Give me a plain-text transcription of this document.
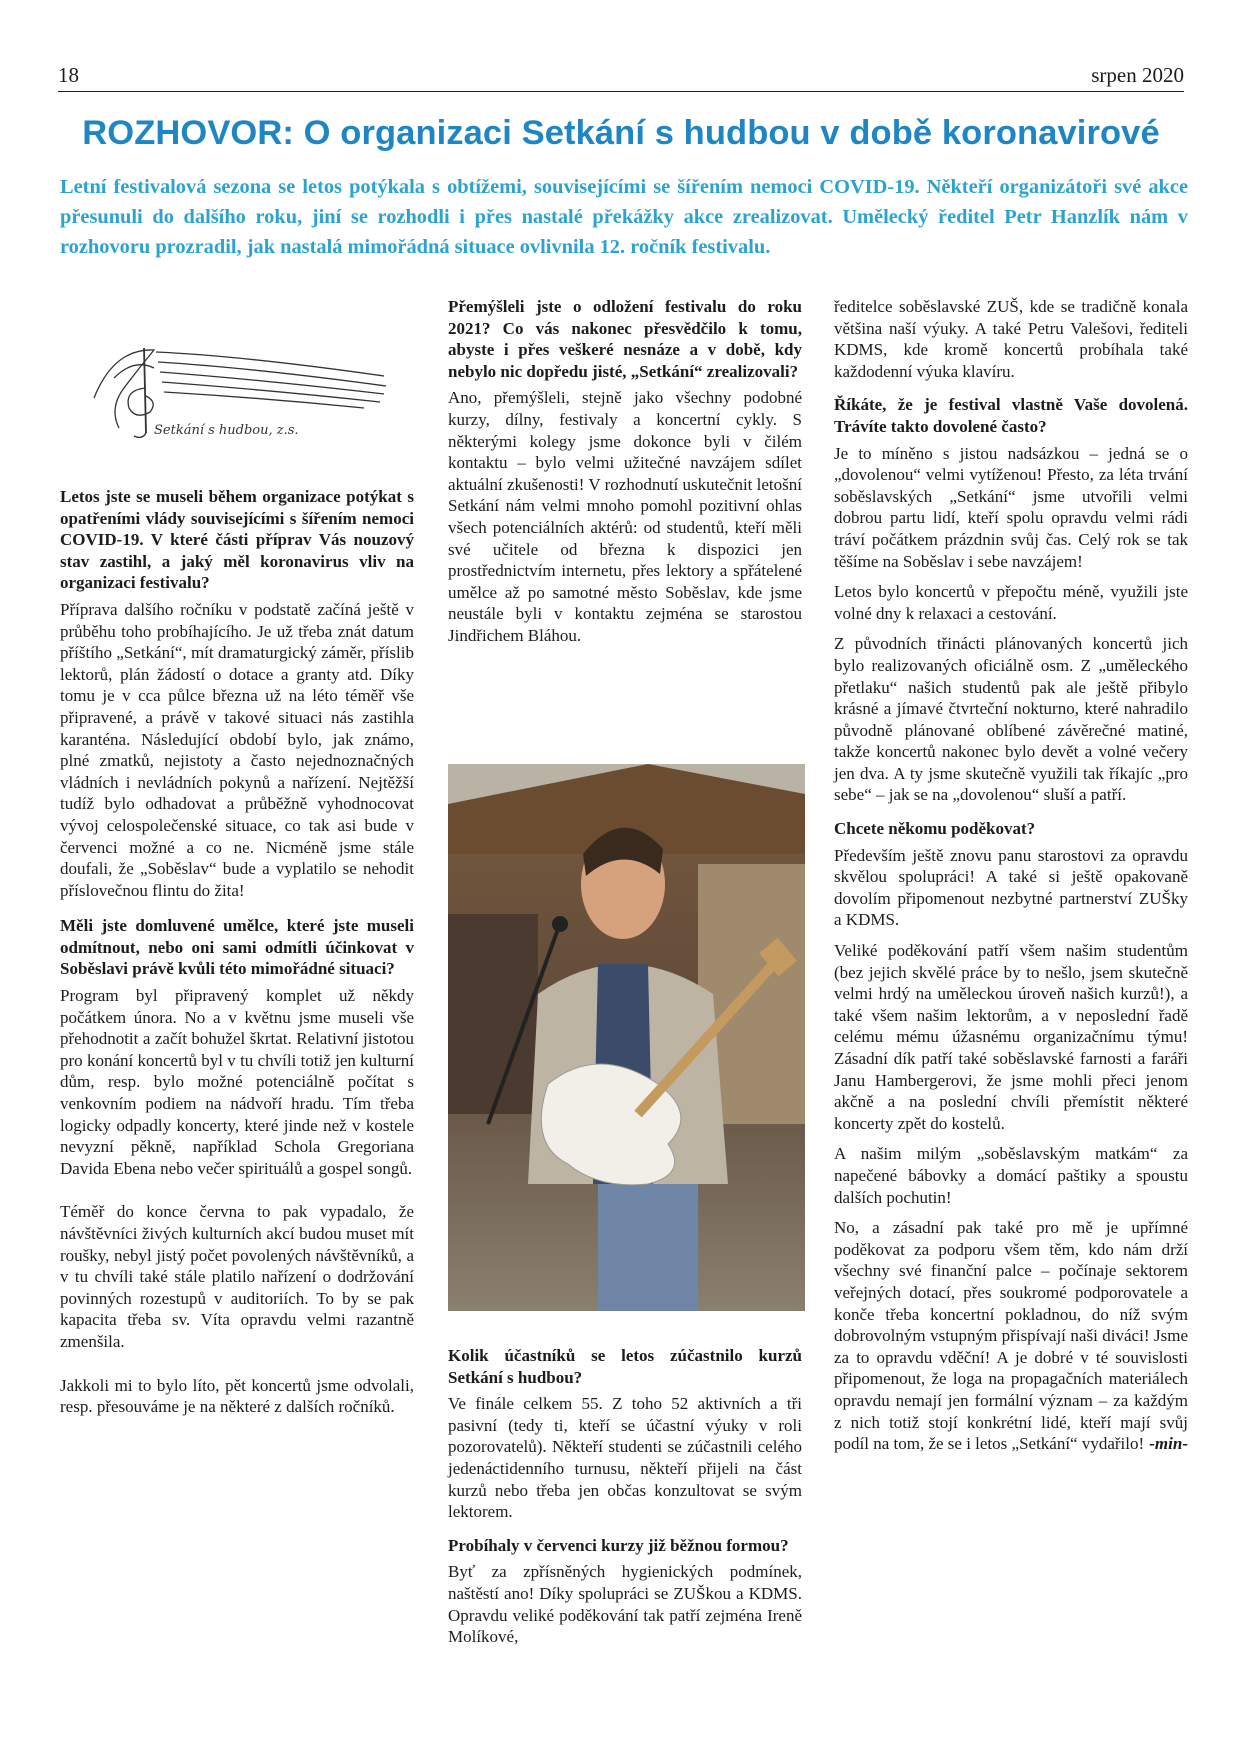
18	srpen 2020
ROZHOVOR: O organizaci Setkání s hudbou v době koronavirové
Letní festivalová sezona se letos potýkala s obtížemi, souvisejícími se šířením nemoci COVID-19. Někteří organizátoři své akce přesunuli do dalšího roku, jiní se rozhodli i přes nastalé překážky akce zrealizovat. Umělecký ředitel Petr Hanzlík nám v rozhovoru prozradil, jak nastalá mimořádná situace ovlivnila 12. ročník festivalu.
Setkání s hudbou, z.s.
Letos jste se museli během organizace potýkat s opatřeními vlády souvisejícími s šířením nemoci COVID-19. V které části příprav Vás nouzový stav zastihl, a jaký měl koronavirus vliv na organizaci festivalu?

Příprava dalšího ročníku v podstatě začíná ještě v průběhu toho probíhajícího. Je už třeba znát datum příštího „Setkání“, mít dramaturgický záměr, příslib lektorů, plán žádostí o dotace a granty atd. Díky tomu je v cca půlce března už na léto téměř vše připravené, a právě v takové situaci nás zastihla karanténa. Následující období bylo, jak známo, plné zmatků, nejistoty a často nejednoznačných vládních i nevládních pokynů a nařízení. Nejtěžší tudíž bylo odhadovat a průběžně vyhodnocovat vývoj celospolečenské situace, co tak asi bude v červenci možné a co ne. Nicméně jsme stále doufali, že „Soběslav“ bude a vyplatilo se nehodit příslovečnou flintu do žita!

Měli jste domluvené umělce, které jste museli odmítnout, nebo oni sami odmítli účinkovat v Soběslavi právě kvůli této mimořádné situaci?

Program byl připravený komplet už někdy počátkem února. No a v květnu jsme museli vše přehodnotit a začít bohužel škrtat. Relativní jistotou pro konání koncertů byl v tu chvíli totiž jen kulturní dům, resp. bylo možné potenciálně počítat s venkovním podiem na nádvoří hradu. Tím třeba logicky odpadly koncerty, které jinde než v kostele nevyzní pěkně, například Schola Gregoriana Davida Ebena nebo večer spirituálů a gospel songů.

Téměř do konce června to pak vypadalo, že návštěvníci živých kulturních akcí budou muset mít roušky, nebyl jistý počet povolených návštěvníků, a v tu chvíli také stále platilo nařízení o dodržování povinných rozestupů v auditoriích. To by se pak kapacita třeba sv. Víta opravdu velmi razantně zmenšila.

Jakkoli mi to bylo líto, pět koncertů jsme odvolali, resp. přesouváme je na některé z dalších ročníků.

Přemýšleli jste o odložení festivalu do roku 2021? Co vás nakonec přesvědčilo k tomu, abyste i přes veškeré nesnáze a v době, kdy nebylo nic dopředu jisté, „Setkání“ zrealizovali?

Ano, přemýšleli, stejně jako všechny podobné kurzy, dílny, festivaly a koncertní cykly. S některými kolegy jsme dokonce byli v čilém kontaktu – bylo velmi užitečné navzájem sdílet aktuální zkušenosti! V rozhodnutí uskutečnit letošní Setkání nám velmi mnoho pomohl pozitivní ohlas všech potenciálních aktérů: od studentů, kteří měli své učitele od března k dispozici jen prostřednictvím internetu, přes lektory a spřátelené umělce až po samotné město Soběslav, kde jsme neustále byli v kontaktu zejména se starostou Jindřichem Bláhou.

Kolik účastníků se letos zúčastnilo kurzů Setkání s hudbou?

Ve finále celkem 55. Z toho 52 aktivních a tři pasivní (tedy ti, kteří se účastní výuky v roli pozorovatelů). Někteří studenti se zúčastnili celého jedenáctidenního turnusu, někteří přijeli na část kurzů nebo třeba jen občas konzultovat se svým lektorem.

Probíhaly v červenci kurzy již běžnou formou?

Byť za zpřísněných hygienických podmínek, naštěstí ano! Díky spolupráci se ZUŠkou a KDMS. Opravdu veliké poděkování tak patří zejména Ireně Molíkové,

ředitelce soběslavské ZUŠ, kde se tradičně konala většina naší výuky. A také Petru Valešovi, řediteli KDMS, kde kromě koncertů probíhala také každodenní výuka klavíru.

Říkáte, že je festival vlastně Vaše dovolená. Trávíte takto dovolené často?

Je to míněno s jistou nadsázkou – jedná se o „dovolenou“ velmi vytíženou! Přesto, za léta trvání soběslavských „Setkání“ jsme utvořili velmi dobrou partu lidí, kteří spolu opravdu velmi rádi tráví počátkem prázdnin svůj čas. Celý rok se tak těšíme na Soběslav i sebe navzájem!

Letos bylo koncertů v přepočtu méně, využili jste volné dny k relaxaci a cestování.

Z původních třinácti plánovaných koncertů jich bylo realizovaných oficiálně osm. Z „uměleckého přetlaku“ našich studentů pak ale ještě přibylo krásné a jímavé čtvrteční nokturno, které nahradilo původně plánované oblíbené závěrečné matiné, takže koncertů nakonec bylo devět a volné večery jen dva. A ty jsme skutečně využili tak říkajíc „pro sebe“ – jak se na „dovolenou“ sluší a patří.

Chcete někomu poděkovat?

Především ještě znovu panu starostovi za opravdu skvělou spolupráci! A také si ještě opakovaně dovolím připomenout nezbytné partnerství ZUŠky a KDMS.

Veliké poděkování patří všem našim studentům (bez jejich skvělé práce by to nešlo, jsem skutečně velmi hrdý na uměleckou úroveň našich kurzů!), a také všem našim lektorům, a v neposlední řadě celému mému úžasnému organizačnímu týmu! Zásadní dík patří také soběslavské farnosti a faráři Janu Hambergerovi, že jsme mohli přeci jenom akčně a na poslední chvíli přemístit některé koncerty zpět do kostelů.

A našim milým „soběslavským matkám“ za napečené bábovky a domácí paštiky a spoustu dalších pochutin!

No, a zásadní pak také pro mě je upřímné poděkovat za podporu všem těm, kdo nám drží všechny své finanční palce – počínaje sektorem veřejných dotací, přes soukromé podporovatele a konče třeba koncertní pokladnou, do níž svým dobrovolným vstupným přispívají naši diváci! Jsme za to opravdu vděční! A je dobré v té souvislosti připomenout, že loga na propagačních materiálech opravdu nemají jen formální význam – za každým z nich totiž stojí konkrétní lidé, kteří mají svůj podíl na tom, že se i letos „Setkání“ vydařilo! -min-
